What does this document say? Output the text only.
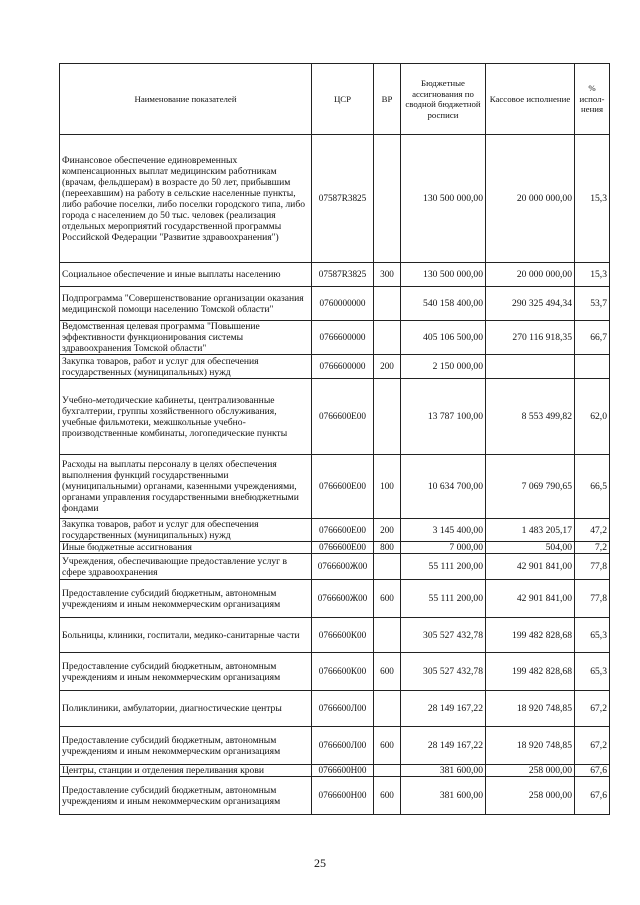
Наименование показателей	ЦСР	ВР	Бюджетные ассигнования по сводной бюджетной росписи	Кассовое исполнение	% испол-нения
Финансовое обеспечение единовременных компенсационных выплат медицинским работникам (врачам, фельдшерам) в возрасте до 50 лет, прибывшим (переехавшим) на работу в сельские населенные пункты, либо рабочие поселки, либо поселки городского типа, либо города с населением до 50 тыс. человек (реализация отдельных мероприятий государственной программы Российской Федерации "Развитие здравоохранения")	07587R3825		130 500 000,00	20 000 000,00	15,3
Социальное обеспечение и иные выплаты населению	07587R3825	300	130 500 000,00	20 000 000,00	15,3
Подпрограмма "Совершенствование организации оказания медицинской помощи населению Томской области"	0760000000		540 158 400,00	290 325 494,34	53,7
Ведомственная целевая программа "Повышение эффективности функционирования системы здравоохранения Томской области"	0766600000		405 106 500,00	270 116 918,35	66,7
Закупка товаров, работ и услуг для обеспечения государственных (муниципальных) нужд	0766600000	200	2 150 000,00		
Учебно-методические кабинеты, централизованные бухгалтерии, группы хозяйственного обслуживания, учебные фильмотеки, межшкольные учебно-производственные комбинаты, логопедические пункты	0766600Е00		13 787 100,00	8 553 499,82	62,0
Расходы на выплаты персоналу в целях обеспечения выполнения функций государственными (муниципальными) органами, казенными учреждениями, органами управления государственными внебюджетными фондами	0766600Е00	100	10 634 700,00	7 069 790,65	66,5
Закупка товаров, работ и услуг для обеспечения государственных (муниципальных) нужд	0766600Е00	200	3 145 400,00	1 483 205,17	47,2
Иные бюджетные ассигнования	0766600Е00	800	7 000,00	504,00	7,2
Учреждения, обеспечивающие предоставление услуг в сфере здравоохранения	0766600Ж00		55 111 200,00	42 901 841,00	77,8
Предоставление субсидий бюджетным, автономным учреждениям и иным некоммерческим организациям	0766600Ж00	600	55 111 200,00	42 901 841,00	77,8
Больницы, клиники, госпитали, медико-санитарные части	0766600К00		305 527 432,78	199 482 828,68	65,3
Предоставление субсидий бюджетным, автономным учреждениям и иным некоммерческим организациям	0766600К00	600	305 527 432,78	199 482 828,68	65,3
Поликлиники, амбулатории, диагностические центры	0766600Л00		28 149 167,22	18 920 748,85	67,2
Предоставление субсидий бюджетным, автономным учреждениям и иным некоммерческим организациям	0766600Л00	600	28 149 167,22	18 920 748,85	67,2
Центры, станции и отделения переливания крови	0766600Н00		381 600,00	258 000,00	67,6
Предоставление субсидий бюджетным, автономным учреждениям и иным некоммерческим организациям	0766600Н00	600	381 600,00	258 000,00	67,6
25
